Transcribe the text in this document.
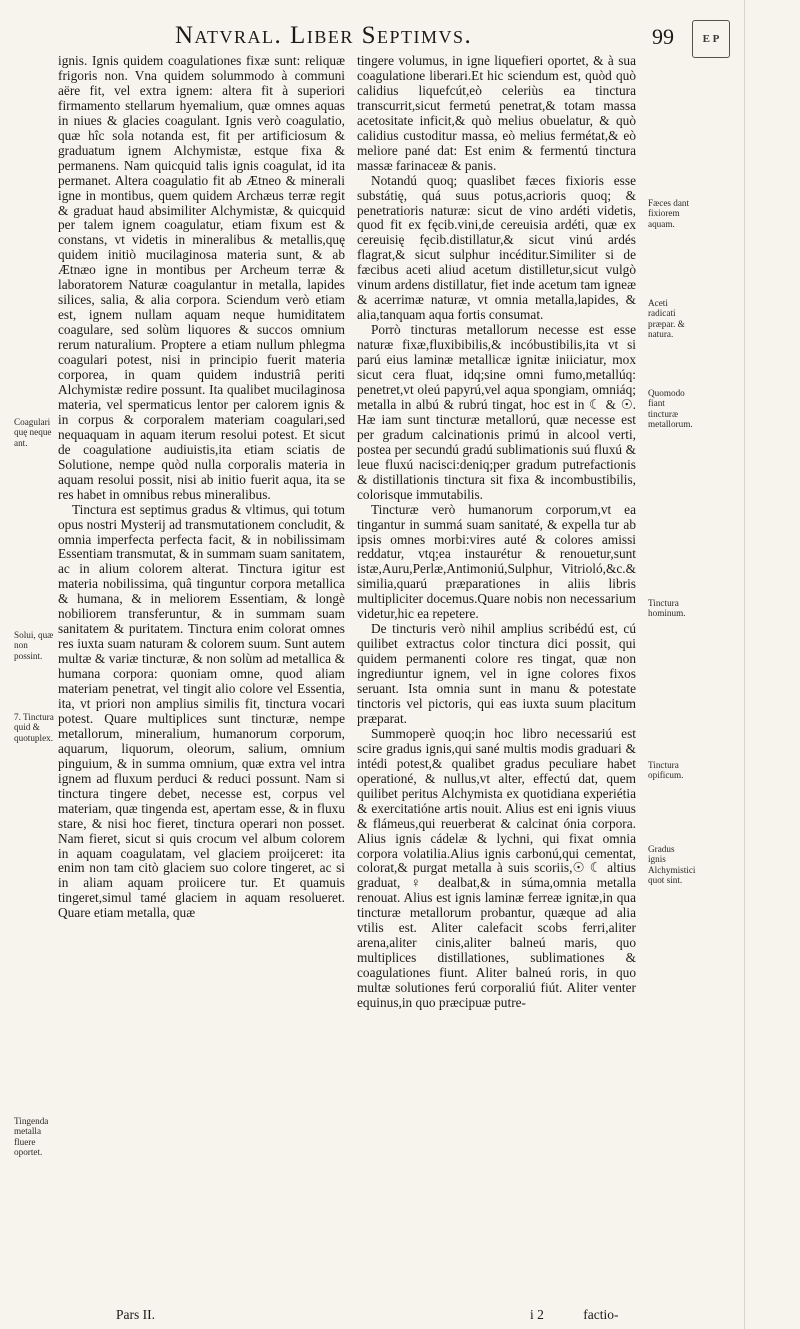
Natvral. Liber Septimvs.	99	E P

ignis. Ignis quidem coagulationes fixæ sunt: reliquæ frigoris non. Vna quidem solummodo à communi aëre fit, vel extra ignem: altera fit à superiori firmamento stellarum hyemalium, quæ omnes aquas in niues & glacies coagulant. Ignis verò coagulatio, quæ hîc sola notanda est, fit per artificiosum & graduatum ignem Alchymistæ, estque fixa & permanens. Nam quicquid talis ignis coagulat, id ita permanet. Altera coagulatio fit ab Ætneo & minerali igne in montibus, quem quidem Archæus terræ regit & graduat haud absimiliter Alchymistæ, & quicquid per talem ignem coagulatur, etiam fixum est & constans, vt videtis in mineralibus & metallis,quę quidem initiò mucilaginosa materia sunt, & ab Ætnæo igne in montibus per Archeum terræ & laboratorem Naturæ coagulantur in metalla, lapides silices, salia, & alia corpora. Sciendum verò etiam est, ignem nullam aquam neque humiditatem coagulare, sed solùm liquores & succos omnium rerum naturalium. Proptere a etiam nullum phlegma coagulari potest, nisi in principio fuerit materia corporea, in quam quidem industriâ periti Alchymistæ redire possunt. Ita qualibet mucilaginosa materia, vel spermaticus lentor per calorem ignis & in corpus & corporalem materiam coagulari,sed nequaquam in aquam iterum resolui potest. Et sicut de coagulatione audiuistis,ita etiam sciatis de Solutione, nempe quòd nulla corporalis materia in aquam resolui possit, nisi ab initio fuerit aqua, ita se res habet in omnibus rebus mineralibus.

Tinctura est septimus gradus & vltimus, qui totum opus nostri Mysterij ad transmutationem concludit, & omnia imperfecta perfecta facit, & in nobilissimam Essentiam transmutat, & in summam suam sanitatem, ac in alium colorem alterat. Tinctura igitur est materia nobilissima, quâ tinguntur corpora metallica & humana, & in meliorem Essentiam, & longè nobiliorem transferuntur, & in summam suam sanitatem & puritatem. Tinctura enim colorat omnes res iuxta suam naturam & colorem suum. Sunt autem multæ & variæ tincturæ, & non solùm ad metallica & humana corpora: quoniam omne, quod aliam materiam penetrat, vel tingit alio colore vel Essentia, ita, vt priori non amplius similis fit, tinctura vocari potest. Quare multiplices sunt tincturæ, nempe metallorum, mineralium, humanorum corporum, aquarum, liquorum, oleorum, salium, omnium pinguium, & in summa omnium, quæ extra vel intra ignem ad fluxum perduci & reduci possunt. Nam si tinctura tingere debet, necesse est, corpus vel materiam, quæ tingenda est, apertam esse, & in fluxu stare, & nisi hoc fieret, tinctura operari non posset. Nam fieret, sicut si quis crocum vel album colorem in aquam coagulatam, vel glaciem proijceret: ita enim non tam citò glaciem suo colore tingeret, ac si in aliam aquam proiicere tur. Et quamuis tingeret,simul tamé glaciem in aquam resolueret. Quare etiam metalla, quæ

tingere volumus, in igne liquefieri oportet, & à sua coagulatione liberari.Et hic sciendum est, quòd quò calidius liquefcút,eò celeriùs ea tinctura transcurrit,sicut fermetú penetrat,& totam massa acetositate inficit,& quò melius obuelatur, & quò calidius custoditur massa, eò melius fermétat,& eò meliore pané dat: Est enim & fermentú tinctura massæ farinaceæ & panis.

Notandú quoq; quaslibet fæces fixioris esse substátię, quá suus potus,acrioris quoq; & penetratioris naturæ: sicut de vino ardéti videtis, quod fit ex fęcib.vini,de cereuisia ardéti, quæ ex cereuisię fęcib.distillatur,& sicut vinú ardés flagrat,& sicut sulphur incéditur.Similiter si de fæcibus aceti aliud acetum distilletur,sicut vulgò vinum ardens distillatur, fiet inde acetum tam igneæ & acerrimæ naturæ, vt omnia metalla,lapides, & alia,tanquam aqua fortis consumat.

Porrò tincturas metallorum necesse est esse naturæ fixæ,fluxibibilis,& incóbustibilis,ita vt si parú eius laminæ metallicæ ignitæ iniiciatur, mox sicut cera fluat, idq;sine omni fumo,metallúq: penetret,vt oleú papyrú,vel aqua spongiam, omniáq; metalla in albú & rubrú tingat, hoc est in ☾ & ☉. Hæ iam sunt tincturæ metallorú, quæ necesse est per gradum calcinationis primú in alcool verti, postea per secundú gradú sublimationis suú fluxú & leue fluxú nacisci:deniq;per gradum putrefactionis & distillationis tinctura sit fixa & incombustibilis, colorisque immutabilis.

Tincturæ verò humanorum corporum,vt ea tingantur in summá suam sanitaté, & expella tur ab ipsis omnes morbi:vires auté & colores amissi reddatur, vtq;ea instaurétur & renouetur,sunt istæ,Auru,Perlæ,Antimoniú,Sulphur, Vitrioló,&c.& similia,quarú præparationes in aliis libris multipliciter docemus.Quare nobis non necessarium videtur,hic ea repetere.

De tincturis verò nihil amplius scribédú est, cú quilibet extractus color tinctura dici possit, qui quidem permanenti colore res tingat, quæ non ingrediuntur ignem, vel in igne colores fixos seruant. Ista omnia sunt in manu & potestate tinctoris vel pictoris, qui eas iuxta suum placitum præparat.

Summoperè quoq;in hoc libro necessariú est scire gradus ignis,qui sané multis modis graduari & intédi potest,& qualibet gradus peculiare habet operationé, & nullus,vt alter, effectú dat, quem quilibet peritus Alchymista ex quotidiana experiétia & exercitatióne artis nouit. Alius est eni ignis viuus & flámeus,qui reuerberat & calcinat ónia corpora. Alius ignis cádelæ & lychni, qui fixat omnia corpora volatilia.Alius ignis carbonú,qui cementat, colorat,& purgat metalla à suis scoriis,☉ ☾ altius graduat, ♀ dealbat,& in súma,omnia metalla renouat. Alius est ignis laminæ ferreæ ignitæ,in qua tincturæ metallorum probantur, quæque ad alia vtilis est. Aliter calefacit scobs ferri,aliter arena,aliter cinis,aliter balneú maris, quo multiplices distillationes, sublimationes & coagulationes fiunt. Aliter balneú roris, in quo multæ solutiones ferú corporaliú fiút. Aliter venter equinus,in quo præcipuæ putre-

Coagulari quę neque ant.
Solui, quæ non possint.
7. Tinctura quid & quotuplex.
Tingenda metalla fluere oportet.
Fæces dant fixiorem aquam.
Aceti radicati præpar. & natura.
Quomodo fiant tincturæ metallorum.
Tinctura hominum.
Tinctura opificum.
Gradus ignis Alchymistici quot sint.
Pars II.	i 2	factio-
